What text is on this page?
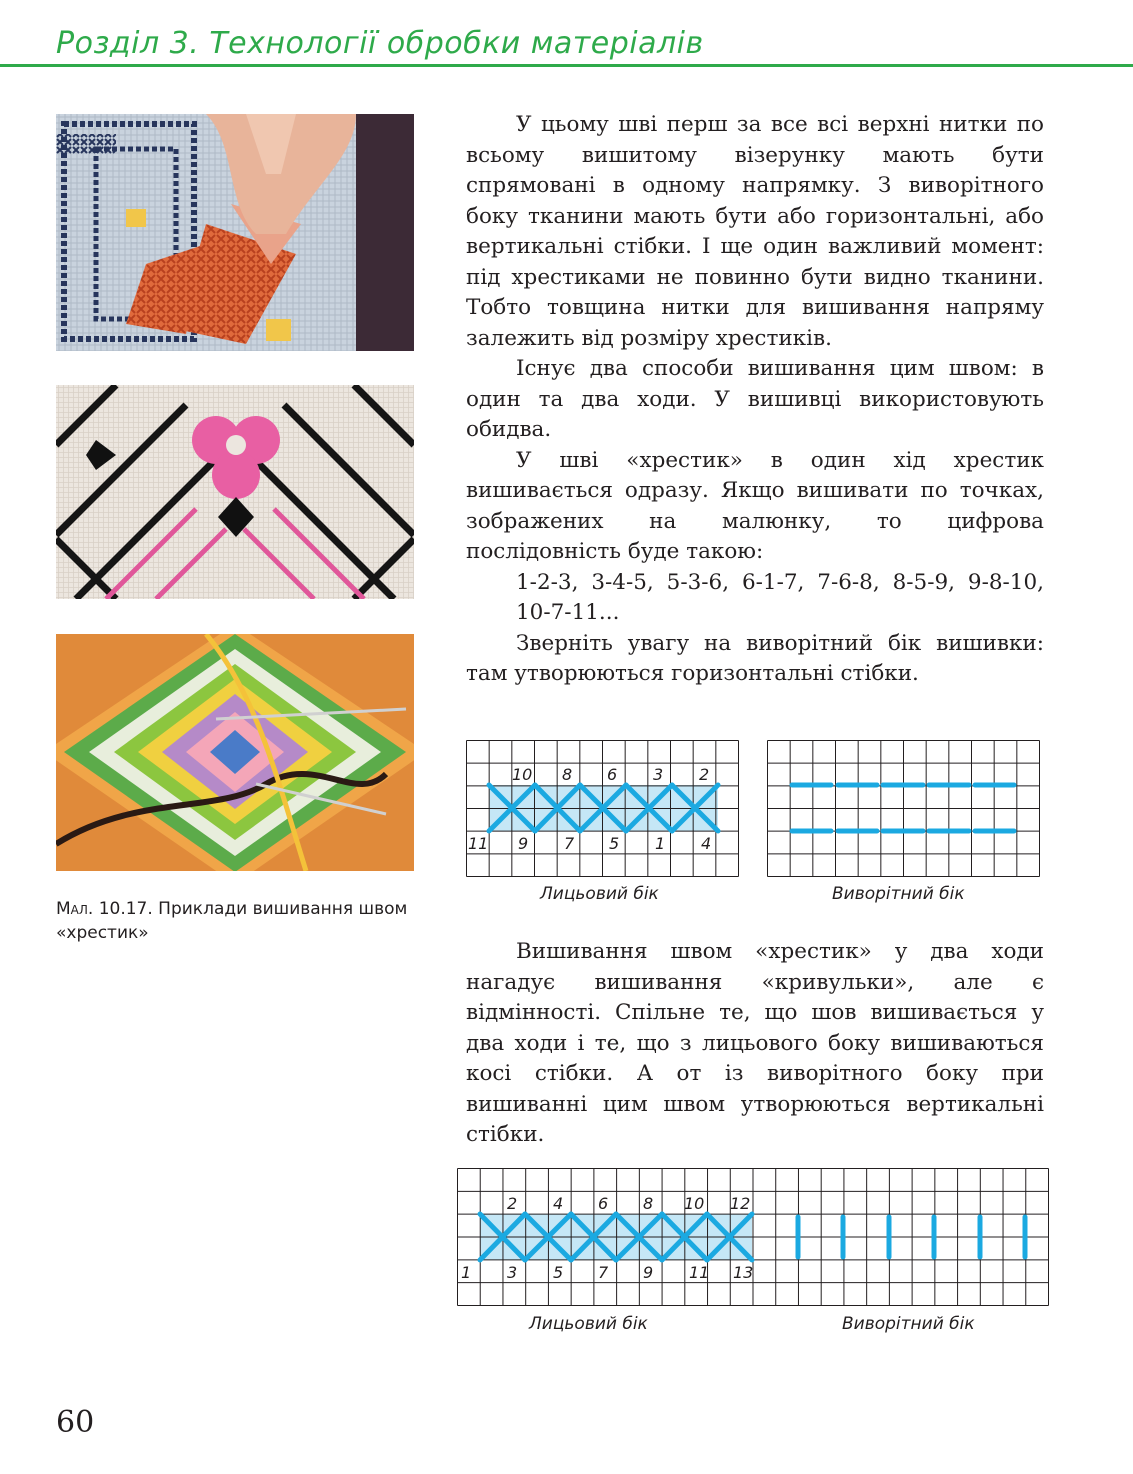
Розділ 3. Технології обробки матеріалів
Мал. 10.17. Приклади вишивання швом «хрестик»

У цьому шві перш за все всі верхні нитки по всьому вишитому візерунку мають бути спрямовані в одному напрямку. З виворітного боку тканини мають бути або горизонтальні, або вертикальні стібки. І ще один важливий момент: під хрестиками не повинно бути видно тканини. Тобто товщина нитки для вишивання напряму залежить від розміру хрестиків.

Існує два способи вишивання цим швом: в один та два ходи. У вишивці використовують обидва.

У шві «хрестик» в один хід хрестик вишивається одразу. Якщо вишивати по точках, зображених на малюнку, то цифрова послідовність буде такою:

1-2-3, 3-4-5, 5-3-6, 6-1-7, 7-6-8, 8-5-9, 9-8-10, 10-7-11...

Зверніть увагу на виворітний бік вишивки: там утворюються горизонтальні стібки.

10 8 6 3 2
11 9 7 5 1 4
Лицьовий бік	Виворітний бік

Вишивання швом «хрестик» у два ходи нагадує вишивання «кривульки», але є відмінності. Спільне те, що шов вишивається у два ходи і те, що з лицьового боку вишиваються косі стібки. А от із виворітного боку при вишиванні цим швом утворюються вертикальні стібки.

2 4 6 8 10 12
1 3 5 7 9 11 13
Лицьовий бік	Виворітний бік
60
